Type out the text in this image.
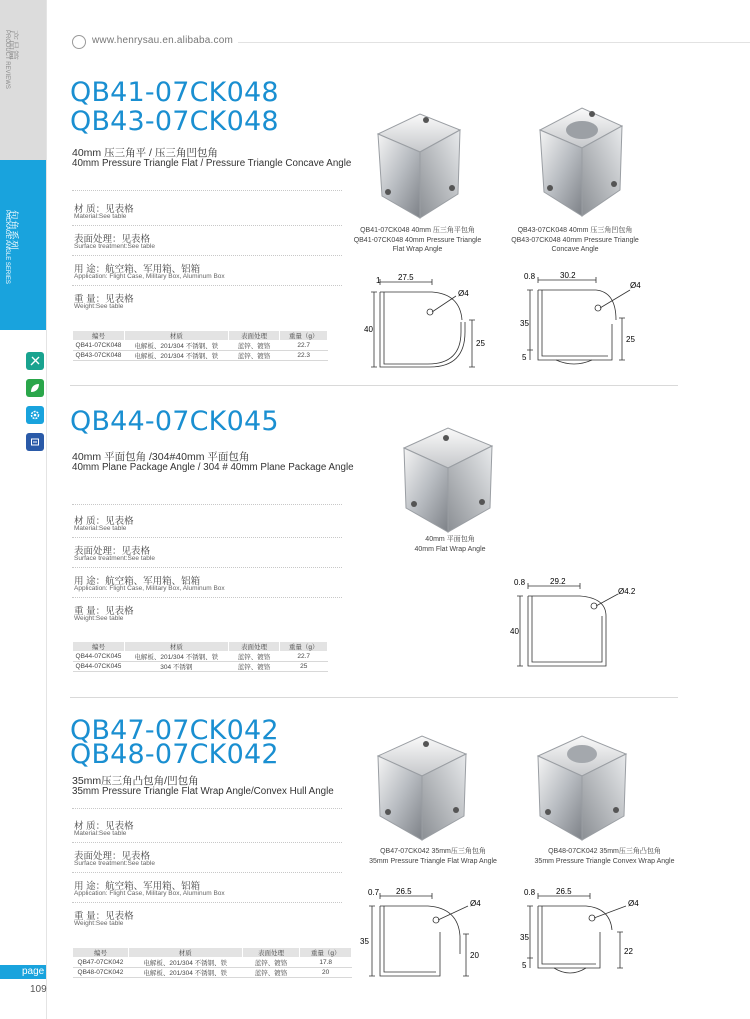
产品篇
PRODUCT REVIEWS
包角系列
PACKAGE ANGLE SERIES
page
109
www.henrysau.en.alibaba.com
QB41-07CK048
QB43-07CK048
40mm 压三角平 / 压三角凹包角
40mm Pressure Triangle Flat / Pressure Triangle Concave Angle
材 质：见表格
Material:See table
表面处理：见表格
Surface treatment:See table
用 途：航空箱、军用箱、铝箱
Application: Flight Case, Military Box, Aluminum Box
重 量：见表格
Weight:See table
编号	材质	表面处理	重量（g）
QB41-07CK048	电解板、201/304 不锈钢、铁	蓝锌、镀铬	22.7
QB43-07CK048	电解板、201/304 不锈钢、铁	蓝锌、镀铬	22.3
QB41-07CK048 40mm 压三角平包角
QB41-07CK048 40mm Pressure Triangle
Flat Wrap Angle
QB43-07CK048 40mm 压三角凹包角
QB43-07CK048 40mm Pressure Triangle
Concave Angle
1 27.5
Ø4
40
25
0.8	30.2
Ø4
35
5
25
QB44-07CK045
40mm 平面包角 /304#40mm 平面包角
40mm Plane Package Angle / 304 # 40mm Plane Package Angle
材 质：见表格
Material:See table
表面处理：见表格
Surface treatment:See table
用 途：航空箱、军用箱、铝箱
Application: Flight Case, Military Box, Aluminum Box
重 量：见表格
Weight:See table
编号	材质	表面处理	重量（g）
QB44-07CK045	电解板、201/304 不锈钢、铁	蓝锌、镀铬	22.7
QB44-07CK045	304 不锈钢	蓝锌、镀铬	25
40mm 平面包角
40mm Flat Wrap Angle
0.8	29.2
Ø4.2
40
QB47-07CK042
QB48-07CK042
35mm压三角凸包角/凹包角
35mm Pressure Triangle Flat Wrap Angle/Convex Hull Angle
材 质：见表格
Material:See table
表面处理：见表格
Surface treatment:See table
用 途：航空箱、军用箱、铝箱
Application: Flight Case, Military Box, Aluminum Box
重 量：见表格
Weight:See table
编号	材质	表面处理	重量（g）
QB47-07CK042	电解板、201/304 不锈钢、铁	蓝锌、镀铬	17.8
QB48-07CK042	电解板、201/304 不锈钢、铁	蓝锌、镀铬	20
QB47-07CK042 35mm压三角包角
35mm Pressure Triangle Flat Wrap Angle
QB48-07CK042 35mm压三角凸包角
35mm Pressure Triangle Convex Wrap Angle
0.7 26.5
Ø4
35
20
0.8	26.5
Ø4
35
5
22
